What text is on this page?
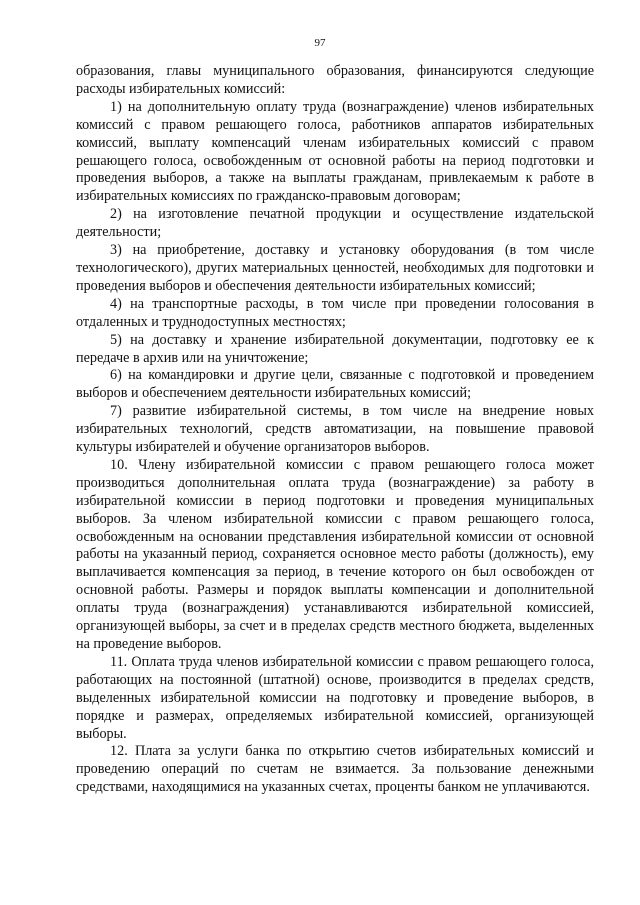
97

образования, главы муниципального образования, финансируются следующие расходы избирательных комиссий:

1) на дополнительную оплату труда (вознаграждение) членов избирательных комиссий с правом решающего голоса, работников аппаратов избирательных комиссий, выплату компенсаций членам избирательных комиссий с правом решающего голоса, освобожденным от основной работы на период подготовки и проведения выборов, а также на выплаты гражданам, привлекаемым к работе в избирательных комиссиях по гражданско-правовым договорам;

2) на изготовление печатной продукции и осуществление издательской деятельности;

3) на приобретение, доставку и установку оборудования (в том числе технологического), других материальных ценностей, необходимых для подготовки и проведения выборов и обеспечения деятельности избирательных комиссий;

4) на транспортные расходы, в том числе при проведении голосования в отдаленных и труднодоступных местностях;

5) на доставку и хранение избирательной документации, подготовку ее к передаче в архив или на уничтожение;

6) на командировки и другие цели, связанные с подготовкой и проведением выборов и обеспечением деятельности избирательных комиссий;

7) развитие избирательной системы, в том числе на внедрение новых избирательных технологий, средств автоматизации, на повышение правовой культуры избирателей и обучение организаторов выборов.

10. Члену избирательной комиссии с правом решающего голоса может производиться дополнительная оплата труда (вознаграждение) за работу в избирательной комиссии в период подготовки и проведения муниципальных выборов. За членом избирательной комиссии с правом решающего голоса, освобожденным на основании представления избирательной комиссии от основной работы на указанный период, сохраняется основное место работы (должность), ему выплачивается компенсация за период, в течение которого он был освобожден от основной работы. Размеры и порядок выплаты компенсации и дополнительной оплаты труда (вознаграждения) устанавливаются избирательной комиссией, организующей выборы, за счет и в пределах средств местного бюджета, выделенных на проведение выборов.

11. Оплата труда членов избирательной комиссии с правом решающего голоса, работающих на постоянной (штатной) основе, производится в пределах средств, выделенных избирательной комиссии на подготовку и проведение выборов, в порядке и размерах, определяемых избирательной комиссией, организующей выборы.

12. Плата за услуги банка по открытию счетов избирательных комиссий и проведению операций по счетам не взимается. За пользование денежными средствами, находящимися на указанных счетах, проценты банком не уплачиваются.
